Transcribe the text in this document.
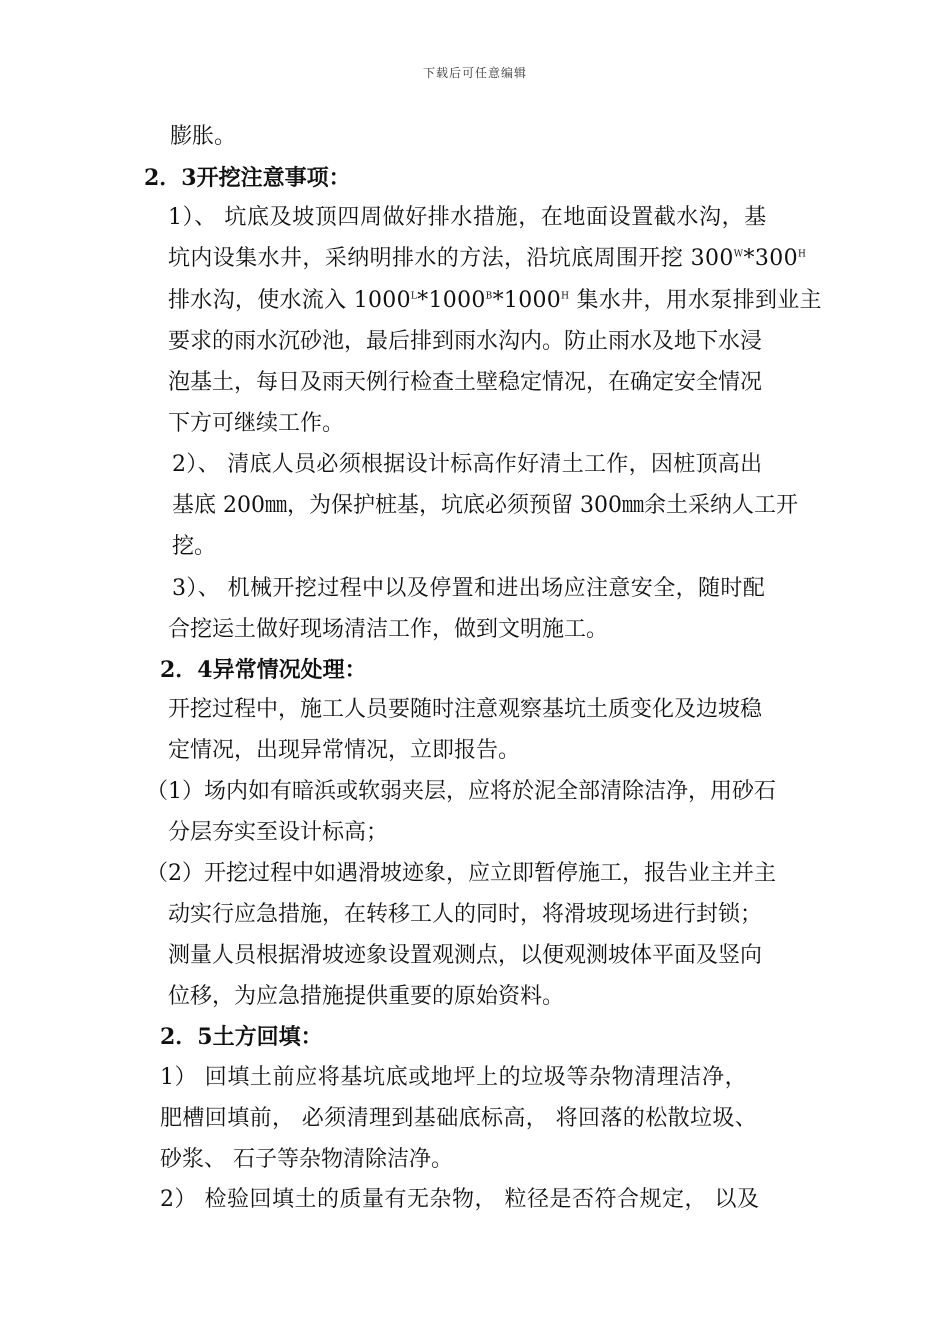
下载后可任意编辑
膨胀。
2．3开挖注意事项：
1）、 坑底及坡顶四周做好排水措施，在地面设置截水沟，基
坑内设集水井，采纳明排水的方法，沿坑底周围开挖 $300^W*300^H$
排水沟，使水流入 $1000^L*1000^B*1000^H$ 集水井，用水泵排到业主
要求的雨水沉砂池，最后排到雨水沟内。防止雨水及地下水浸
泡基土，每日及雨天例行检查土壁稳定情况，在确定安全情况
下方可继续工作。
2）、 清底人员必须根据设计标高作好清土工作，因桩顶高出
基底 200㎜，为保护桩基，坑底必须预留 300㎜余土采纳人工开
挖。
3）、 机械开挖过程中以及停置和进出场应注意安全，随时配
合挖运土做好现场清洁工作，做到文明施工。
2．4异常情况处理：
开挖过程中，施工人员要随时注意观察基坑土质变化及边坡稳
定情况，出现异常情况，立即报告。
（1）场内如有暗浜或软弱夹层，应将於泥全部清除洁净，用砂石
分层夯实至设计标高；
（2）开挖过程中如遇滑坡迹象，应立即暂停施工，报告业主并主
动实行应急措施，在转移工人的同时，将滑坡现场进行封锁；
测量人员根据滑坡迹象设置观测点，以便观测坡体平面及竖向
位移，为应急措施提供重要的原始资料。
2．5土方回填：
1） 回填土前应将基坑底或地坪上的垃圾等杂物清理洁净，
肥槽回填前， 必须清理到基础底标高， 将回落的松散垃圾、
砂浆、 石子等杂物清除洁净。
2） 检验回填土的质量有无杂物， 粒径是否符合规定， 以及
